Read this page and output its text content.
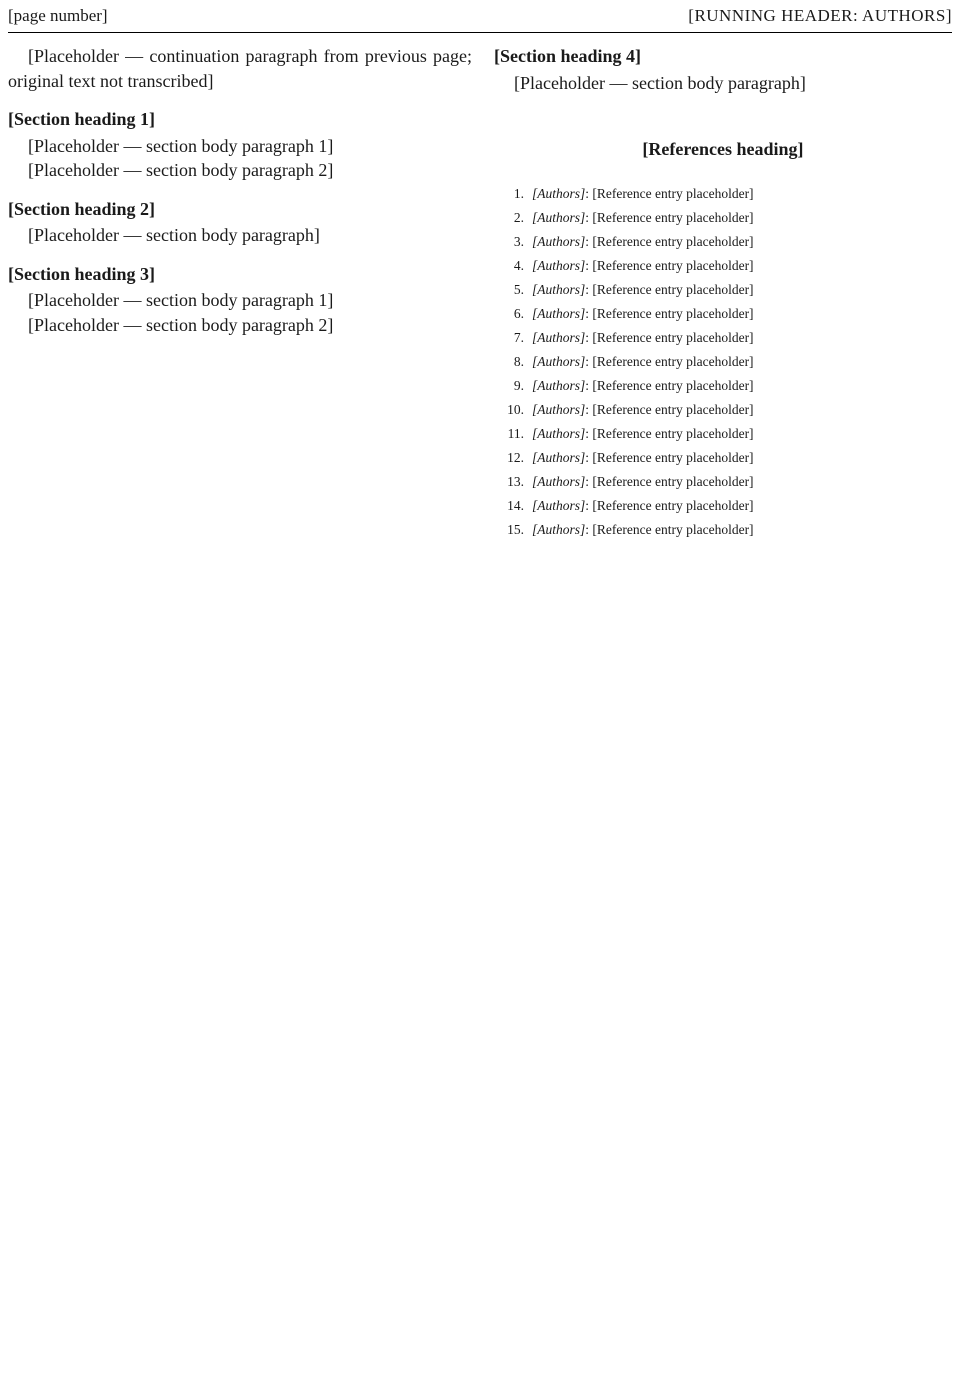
[page number]	[RUNNING HEADER: AUTHORS]

[Placeholder — continuation paragraph from previous page; original text not transcribed]

[Section heading 1]

[Placeholder — section body paragraph 1]

[Placeholder — section body paragraph 2]

[Section heading 2]

[Placeholder — section body paragraph]

[Section heading 3]

[Placeholder — section body paragraph 1]

[Placeholder — section body paragraph 2]

[Section heading 4]

[Placeholder — section body paragraph]

[References heading]
1. [Authors]: [Reference entry placeholder]
2. [Authors]: [Reference entry placeholder]
3. [Authors]: [Reference entry placeholder]
4. [Authors]: [Reference entry placeholder]
5. [Authors]: [Reference entry placeholder]
6. [Authors]: [Reference entry placeholder]
7. [Authors]: [Reference entry placeholder]
8. [Authors]: [Reference entry placeholder]
9. [Authors]: [Reference entry placeholder]
10. [Authors]: [Reference entry placeholder]
11. [Authors]: [Reference entry placeholder]
12. [Authors]: [Reference entry placeholder]
13. [Authors]: [Reference entry placeholder]
14. [Authors]: [Reference entry placeholder]
15. [Authors]: [Reference entry placeholder]
